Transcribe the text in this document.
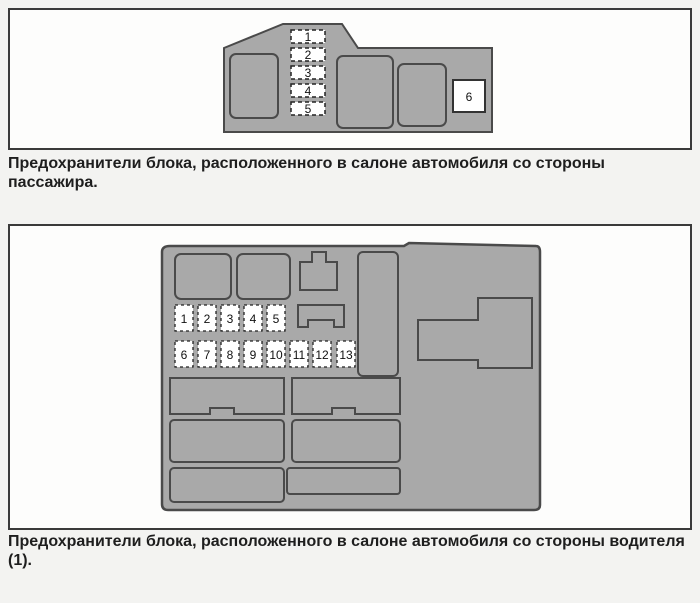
6
1
2
3
4
5
1 2 3 4 5
6 7 8 9 10 11 12 13

Предохранители блока, расположенного в салоне автомобиля со стороны пассажира.

Предохранители блока, расположенного в салоне автомобиля со стороны водителя (1).
